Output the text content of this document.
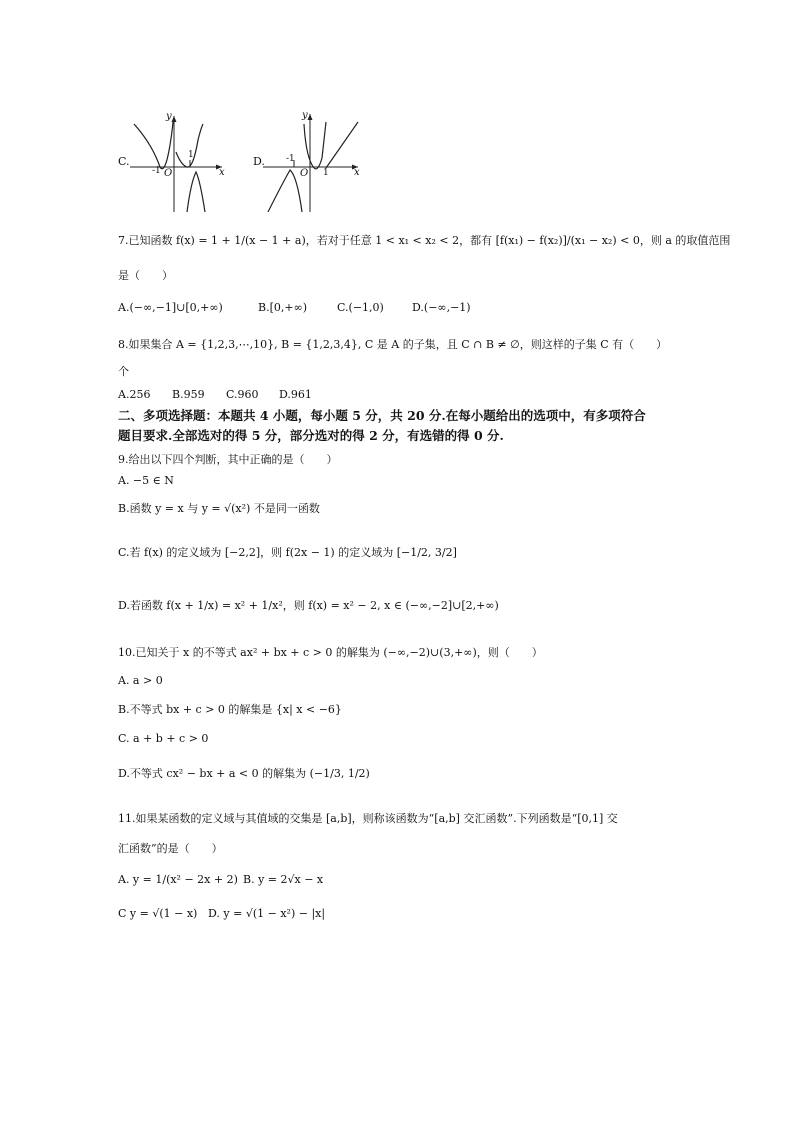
C.
y
x
O
-1
1	D.
y
x
O
-1
1
7.已知函数 f(x) = 1 + 1/(x − 1 + a)，若对于任意 1 < x₁ < x₂ < 2，都有 [f(x₁) − f(x₂)]/(x₁ − x₂) < 0，则 a 的取值范围
是（　　）
A.(−∞,−1]∪[0,+∞)	B.[0,+∞)	C.(−1,0)	D.(−∞,−1)
8.如果集合 A = {1,2,3,⋯,10}, B = {1,2,3,4}, C 是 A 的子集，且 C ∩ B ≠ ∅，则这样的子集 C 有（　　）
个
A.256 B.959 C.960 D.961
二、多项选择题：本题共 4 小题，每小题 5 分，共 20 分.在每小题给出的选项中，有多项符合
题目要求.全部选对的得 5 分，部分选对的得 2 分，有选错的得 0 分.
9.给出以下四个判断，其中正确的是（　　）
A. −5 ∈ N
B.函数 y = x 与 y = √(x²) 不是同一函数
C.若 f(x) 的定义域为 [−2,2]，则 f(2x − 1) 的定义域为 [−1/2, 3/2]
D.若函数 f(x + 1/x) = x² + 1/x²，则 f(x) = x² − 2, x ∈ (−∞,−2]∪[2,+∞)
10.已知关于 x 的不等式 ax² + bx + c > 0 的解集为 (−∞,−2)∪(3,+∞)，则（　　）
A. a > 0
B.不等式 bx + c > 0 的解集是 {x| x < −6}
C. a + b + c > 0
D.不等式 cx² − bx + a < 0 的解集为 (−1/3, 1/2)
11.如果某函数的定义域与其值域的交集是 [a,b]，则称该函数为“[a,b] 交汇函数”.下列函数是“[0,1] 交
汇函数”的是（　　）
A. y = 1/(x² − 2x + 2) B. y = 2√x − x
C y = √(1 − x) D. y = √(1 − x²) − |x|
